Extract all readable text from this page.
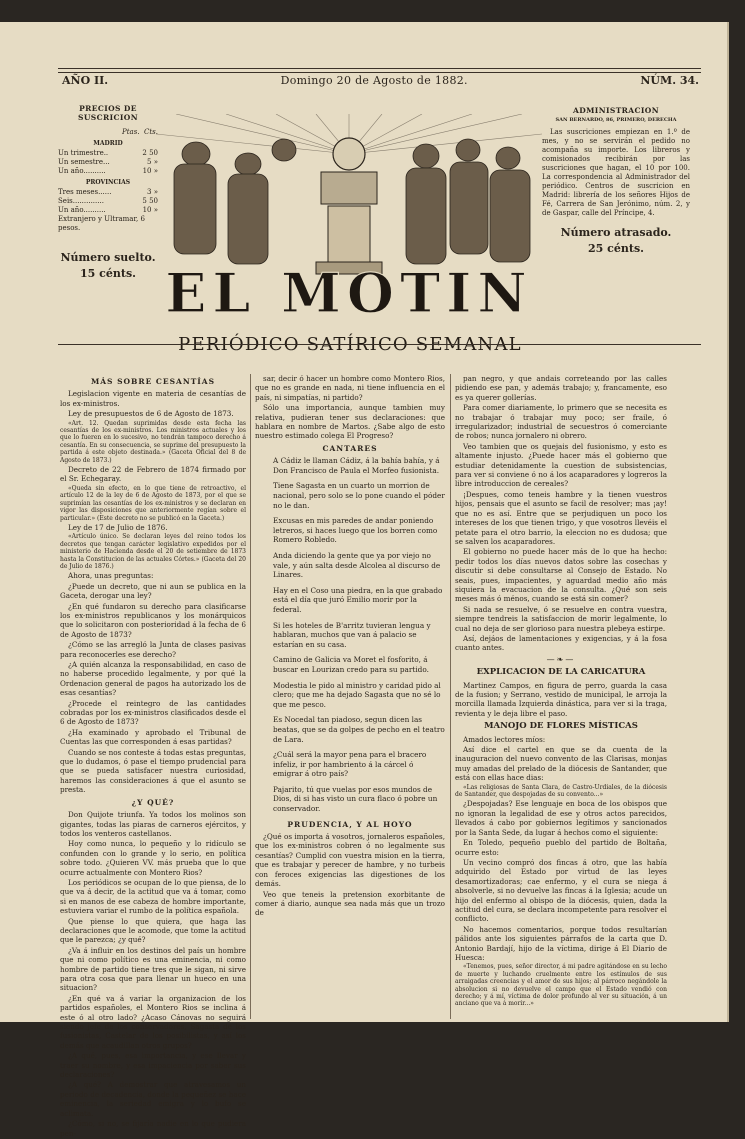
AÑO II.	Domingo 20 de Agosto de 1882.	NÚM. 34.
PRECIOS DE SUSCRICION
Ptas.
Cts.
MADRID
Un trimestre..	2 50
Un semestre...	5 »
Un año..........	10 »
PROVINCIAS
Tres meses......	3 »
Seis..............	5 50
Un año..........	10 »
Extranjero y Ultramar, 6 pesos.
Número suelto.
15 cénts.
ADMINISTRACION
SAN BERNARDO, 86, PRIMERO, DERECHA
Las suscriciones empiezan en 1.º de mes, y no se servirán el pedido no acompaña su importe. Los libreros y comisionados recibirán por las suscriciones que hagan, el 10 por 100. La correspondencia al Administrador del periódico. Centros de suscricion en Madrid: librería de los señores Hijos de Fé, Carrera de San Jerónimo, núm. 2, y de Gaspar, calle del Príncipe, 4.
Número atrasado.
25 cénts.
EL MOTIN
PERIÓDICO SATÍRICO SEMANAL
MÁS SOBRE CESANTÍAS

Legislacion vigente en materia de cesantías de los ex-ministros.

Ley de presupuestos de 6 de Agosto de 1873.

«Art. 12. Quedan suprimidas desde esta fecha las cesantías de los ex-ministros. Los ministros actuales y los que lo fueren en lo sucesivo, no tendrán tampoco derecho á cesantía. En su consecuencia, se suprime del presupuesto la partida á este objeto destinada.» (Gaceta Oficial del 8 de Agosto de 1873.)

Decreto de 22 de Febrero de 1874 firmado por el Sr. Echegaray.

«Queda sin efecto, en lo que tiene de retroactivo, el artículo 12 de la ley de 6 de Agosto de 1873, por el que se suprimían las cesantías de los ex-ministros y se declaran en vigor las disposiciones que anteriormente regían sobre el particular.» (Este decreto no se publicó en la Gaceta.)

Ley de 17 de Julio de 1876.

«Artículo único. Se declaran leyes del reino todos los decretos que tengan carácter legislativo expedidos por el ministerio de Hacienda desde el 20 de setiembre de 1873 hasta la Constitucion de las actuales Córtes.» (Gaceta del 20 de Julio de 1876.)

Ahora, unas preguntas:

¿Puede un decreto, que ni aun se publica en la Gaceta, derogar una ley?

¿En qué fundaron su derecho para clasificarse los ex-ministros republicanos y los monárquicos que lo solicitaron con posterioridad á la fecha de 6 de Agosto de 1873?

¿Cómo se las arregló la Junta de clases pasivas para reconocerles ese derecho?

¿A quién alcanza la responsabilidad, en caso de no haberse procedido legalmente, y por qué la Ordenacion general de pagos ha autorizado los de esas cesantías?

¿Procede el reintegro de las cantidades cobradas por los ex-ministros clasificados desde el 6 de Agosto de 1873?

¿Ha examinado y aprobado el Tribunal de Cuentas las que corresponden á esas partidas?

Cuando se nos conteste á todas estas preguntas, que lo dudamos, ó pase el tiempo prudencial para que se pueda satisfacer nuestra curiosidad, haremos las consideraciones á que el asunto se presta.

¿Y QUÉ?

Don Quijote triunfa. Ya todos los molinos son gigantes, todas las piaras de carneros ejércitos, y todos los venteros castellanos.

Hoy como nunca, lo pequeño y lo ridículo se confunden con lo grande y lo serio, en política sobre todo. ¿Quieren VV. más prueba que lo que ocurre actualmente con Montero Rios?

Los periódicos se ocupan de lo que piensa, de lo que va á decir, de la actitud que va á tomar, como si en manos de ese cabeza de hombre importante, estuviera variar el rumbo de la política española.

Que piense lo que quiera, que haga las declaraciones que le acomode, que tome la actitud que le parezca; ¿y qué?

¿Va á influir en los destinos del país un hombre que ni como político es una eminencia, ni como hombre de partido tiene tres que le sigan, ni sirve para otra cosa que para llenar un hueco en una situacion?

¿En qué va á variar la organizacion de los partidos españoles, el Montero Rios se inclina á este ó al otro lado? ¿Acaso Cánovas no seguirá siendo jefe de los conservadores, Sagasta de los fusionistas, Castelar de los posibilistas, y así los demás que acaudillan otros grupos?

¿A qué, pues, esa importancia, y ese llevar y traer su nombre, y esa impaciencia por saber sus declaraciones?

¿A qué? A demostrar que atravesamos un periodo de decadencia, donde la pequeñez se hace eminencia, la seriedad emigra y lo bufo se aclimata.

¿Cómo, si no, se fijaría nadie en lo que pudiera pen-

sar, decir ó hacer un hombre como Montero Rios, que no es grande en nada, ni tiene influencia en el país, ni simpatías, ni partido?

Sólo una importancia, aunque tambien muy relativa, pudieran tener sus declaraciones: que hablara en nombre de Martos. ¿Sabe algo de esto nuestro estimado colega El Progreso?

CANTARES

A Cádiz le llaman Cádiz, á la bahía bahía, y á Don Francisco de Paula el Morfeo fusionista.

Tiene Sagasta en un cuarto un morrion de nacional, pero solo se lo pone cuando el póder no le dan.

Excusas en mis paredes de andar poniendo letreros, si haces luego que los borren como Romero Robledo.

Anda diciendo la gente que ya por viejo no vale, y aún salta desde Alcolea al discurso de Linares.

Hay en el Coso una piedra, en la que grabado está el día que juró Emilio morir por la federal.

Si les hoteles de B'arritz tuvieran lengua y hablaran, muchos que van á palacio se estarían en su casa.

Camino de Galicia va Moret el fosforito, á buscar en Lourizan credo para su partido.

Modestia le pido al ministro y caridad pido al clero; que me ha dejado Sagasta que no sé lo que me pesco.

Es Nocedal tan piadoso, segun dicen las beatas, que se da golpes de pecho en el teatro de Lara.

¿Cuál será la mayor pena para el bracero infeliz, ir por hambriento á la cárcel ó emigrar á otro país?

Pajarito, tú que vuelas por esos mundos de Dios, di si has visto un cura flaco ó pobre un conservador.

PRUDENCIA, Y AL HOYO

¿Qué os importa á vosotros, jornaleros españoles, que los ex-ministros cobren ó no legalmente sus cesantías? Cumplid con vuestra mision en la tierra, que es trabajar y perecer de hambre, y no turbeis con feroces exigencias las digestiones de los demás.

Veo que teneis la pretension exorbitante de comer á diario, aunque sea nada más que un trozo de

pan negro, y que andais correteando por las calles pidiendo ese pan, y además trabajo; y, francamente, eso es ya querer gollerías.

Para comer diariamente, lo primero que se necesita es no trabajar ó trabajar muy poco; ser fraile, ó irregularizador; industrial de secuestros ó comerciante de robos; nunca jornalero ni obrero.

Veo tambien que os quejais del fusionismo, y esto es altamente injusto. ¿Puede hacer más el gobierno que estudiar detenidamente la cuestion de subsistencias, para ver si conviene ó no á los acaparadores y logreros la libre introduccion de cereales?

¡Despues, como teneis hambre y la tienen vuestros hijos, pensais que el asunto se facil de resolver; mas ¡ay! que no es así. Entre que se perjudiquen un poco los intereses de los que tienen trigo, y que vosotros llevéis el petate para el otro barrio, la eleccion no es dudosa; que se salven los acaparadores.

El gobierno no puede hacer más de lo que ha hecho: pedir todos los días nuevos datos sobre las cosechas y discutir si debe consultarse al Consejo de Estado. No seais, pues, impacientes, y aguardad medio año más siquiera la evacuacion de la consulta. ¿Qué son seis meses más ó ménos, cuando se está sin comer?

Si nada se resuelve, ó se resuelve en contra vuestra, siempre tendreis la satisfaccion de morir legalmente, lo cual no deja de ser glorioso para nuestra plebeya estirpe.

Así, dejáos de lamentaciones y exigencias, y á la fosa cuanto antes.

—❧—
EXPLICACION DE LA CARICATURA

Martinez Campos, en figura de perro, guarda la casa de la fusion; y Serrano, vestido de municipal, le arroja la morcilla llamada Izquierda dinástica, para ver si la traga, revienta y le deja libre el paso.

MANOJO DE FLORES MÍSTICAS

Amados lectores míos:

Así dice el cartel en que se da cuenta de la inauguracion del nuevo convento de las Clarisas, monjas muy amadas del prelado de la diócesis de Santander, que está con ellas hace dias:

«Las religiosas de Santa Clara, de Castro-Urdiales, de la diócesis de Santander, que despojadas de su convento...»

¿Despojadas? Ese lenguaje en boca de los obispos que no ignoran la legalidad de ese y otros actos parecidos, llevados á cabo por gobiernos legítimos y sancionados por la Santa Sede, da lugar á hechos como el siguiente:

En Toledo, pequeño pueblo del partido de Boltaña, ocurre esto:

Un vecino compró dos fincas á otro, que las había adquirido del Estado por virtud de las leyes desamortizadoras; cae enfermo, y el cura se niega á absolverle, si no devuelve las fincas á la Iglesia; acude un hijo del enfermo al obispo de la diócesis, quien, dada la actitud del cura, se declara incompetente para resolver el conflicto.

No hacemos comentarios, porque todos resultarían pálidos ante los siguientes párrafos de la carta que D. Antonio Bardají, hijo de la víctima, dirige á El Diario de Huesca:

«Tenemos, pues, señor director, á mi padre agitándose en su lecho de muerte y luchando cruelmente entre los estímulos de sus arraigadas creencias y el amor de sus hijos; al párroco negándole la absolucion si no devuelve el campo que el Estado vendió con derecho; y á mí, víctima de dolor profundo al ver su situación, á un anciano que va á morir...»
